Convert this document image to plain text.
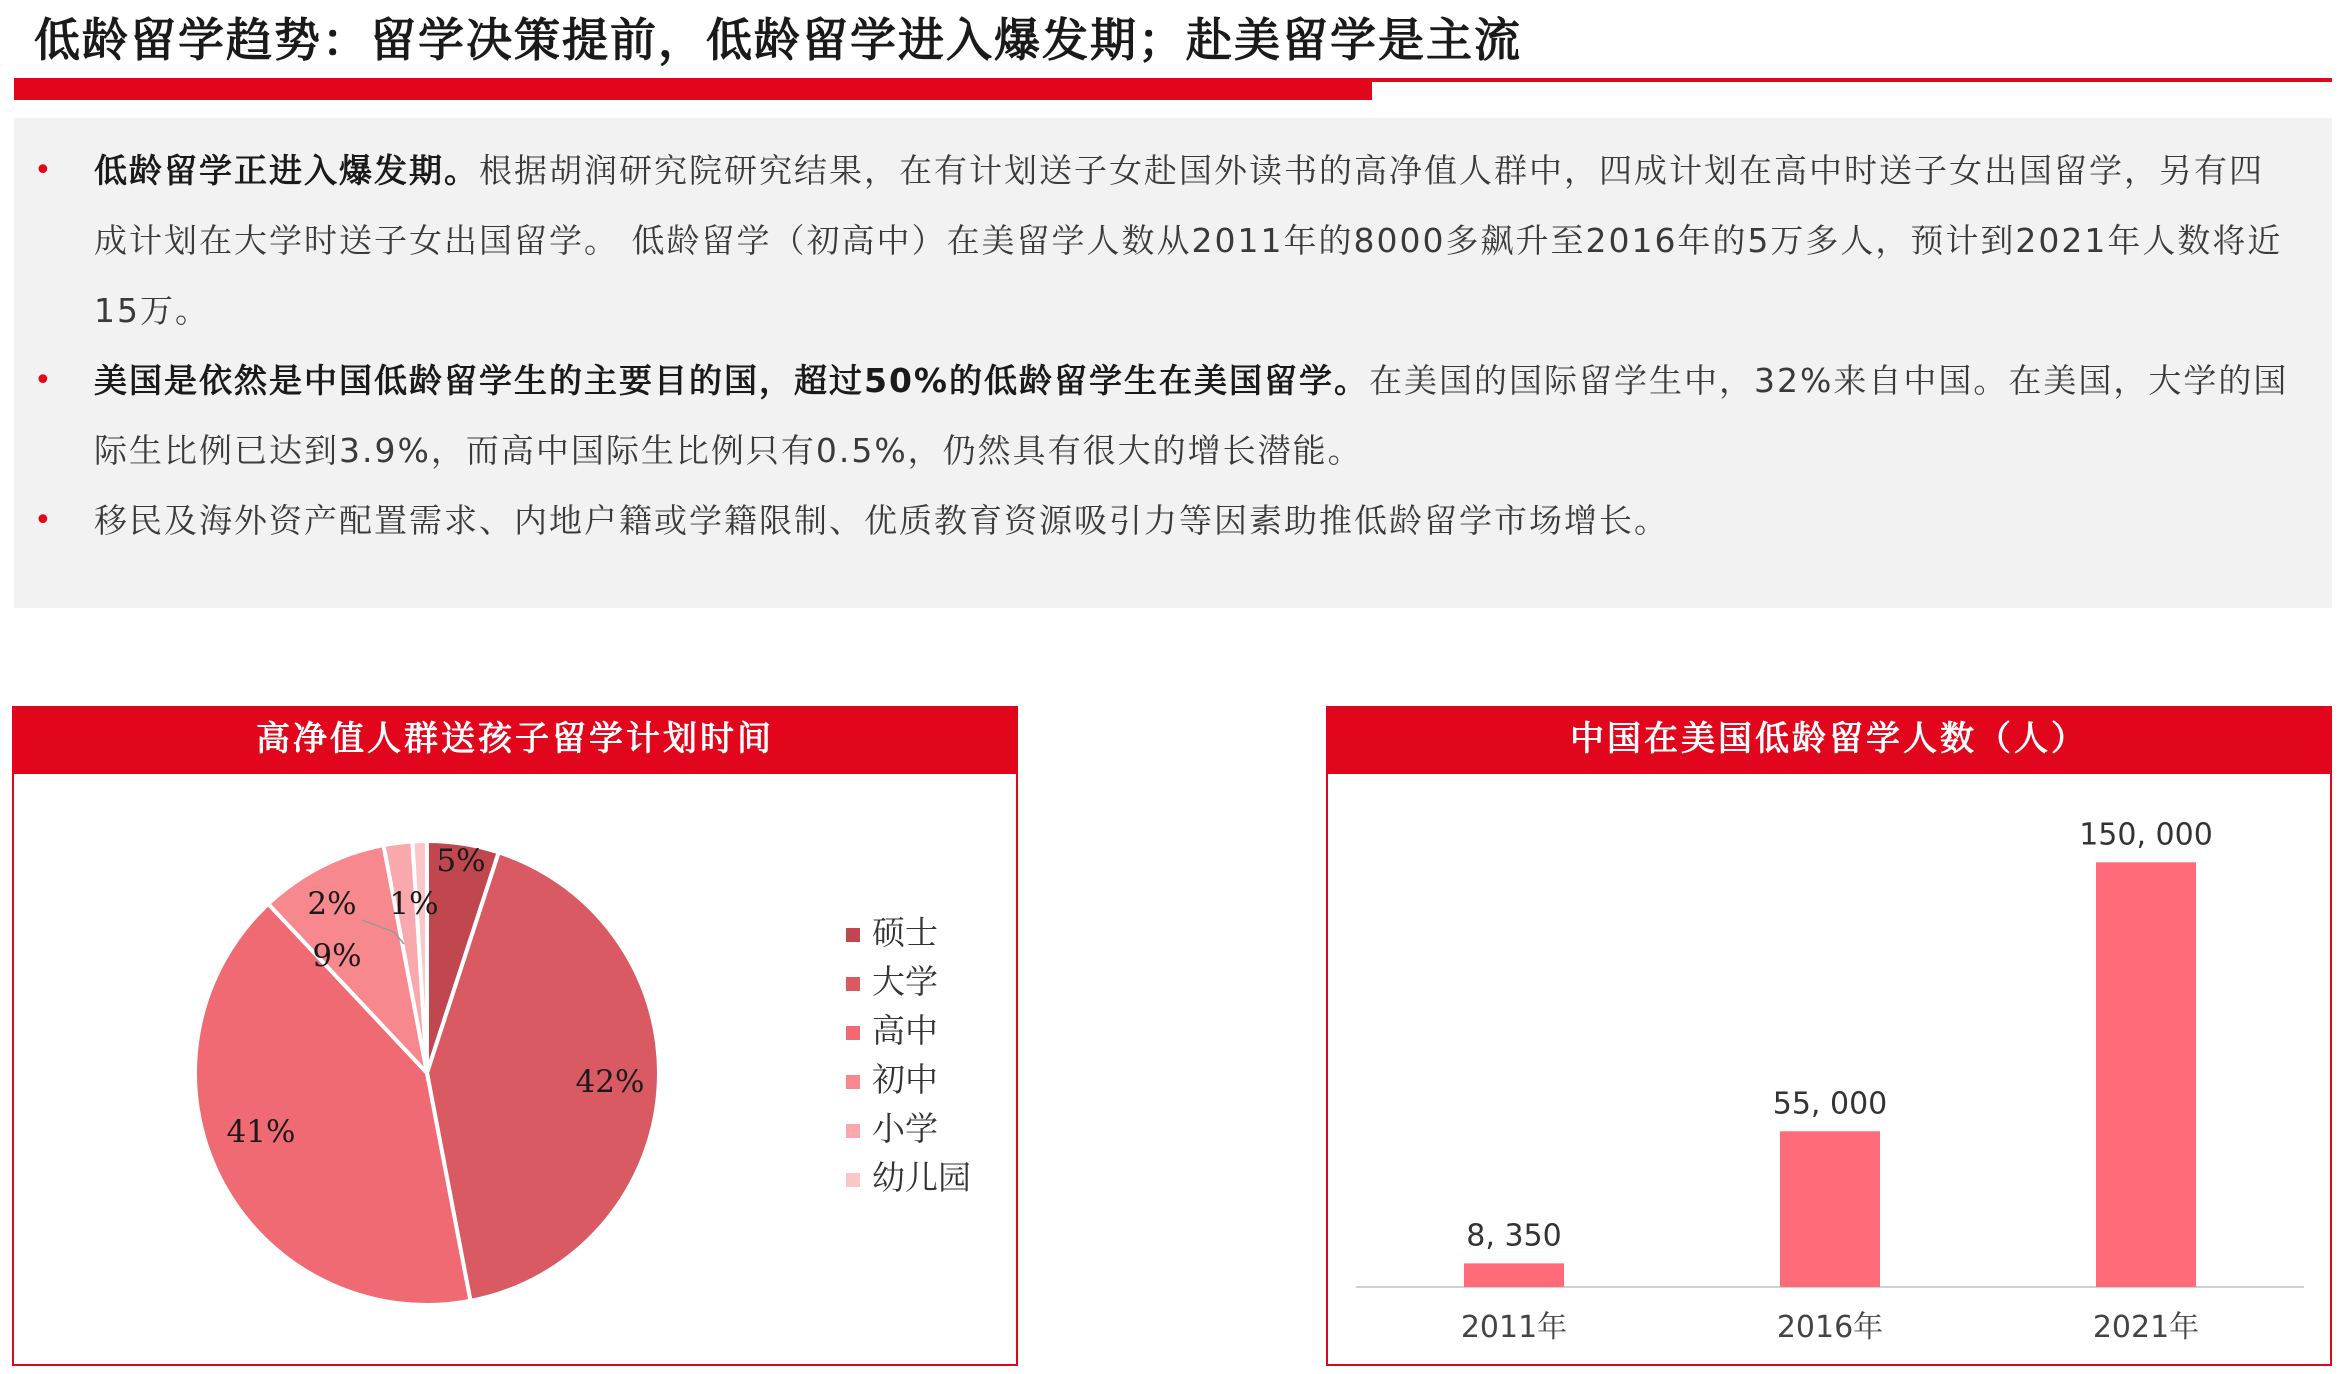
低龄留学趋势：留学决策提前，低龄留学进入爆发期；赴美留学是主流

• 低龄留学正进入爆发期。根据胡润研究院研究结果，在有计划送子女赴国外读书的高净值人群中，四成计划在高中时送子女出国留学，另有四成计划在大学时送子女出国留学。 低龄留学（初高中）在美留学人数从2011年的8000多飙升至2016年的5万多人，预计到2021年人数将近15万。

• 美国是依然是中国低龄留学生的主要目的国，超过50%的低龄留学生在美国留学。在美国的国际留学生中，32%来自中国。在美国，大学的国际生比例已达到3.9%，而高中国际生比例只有0.5%，仍然具有很大的增长潜能。

• 移民及海外资产配置需求、内地户籍或学籍限制、优质教育资源吸引力等因素助推低龄留学市场增长。

高净值人群送孩子留学计划时间
5%
42%
41%
9%
2% 1%
硕士
大学
高中
初中
小学
幼儿园
中国在美国低龄留学人数（人）
8, 350
2011年
55, 000
2016年
150, 000
2021年
